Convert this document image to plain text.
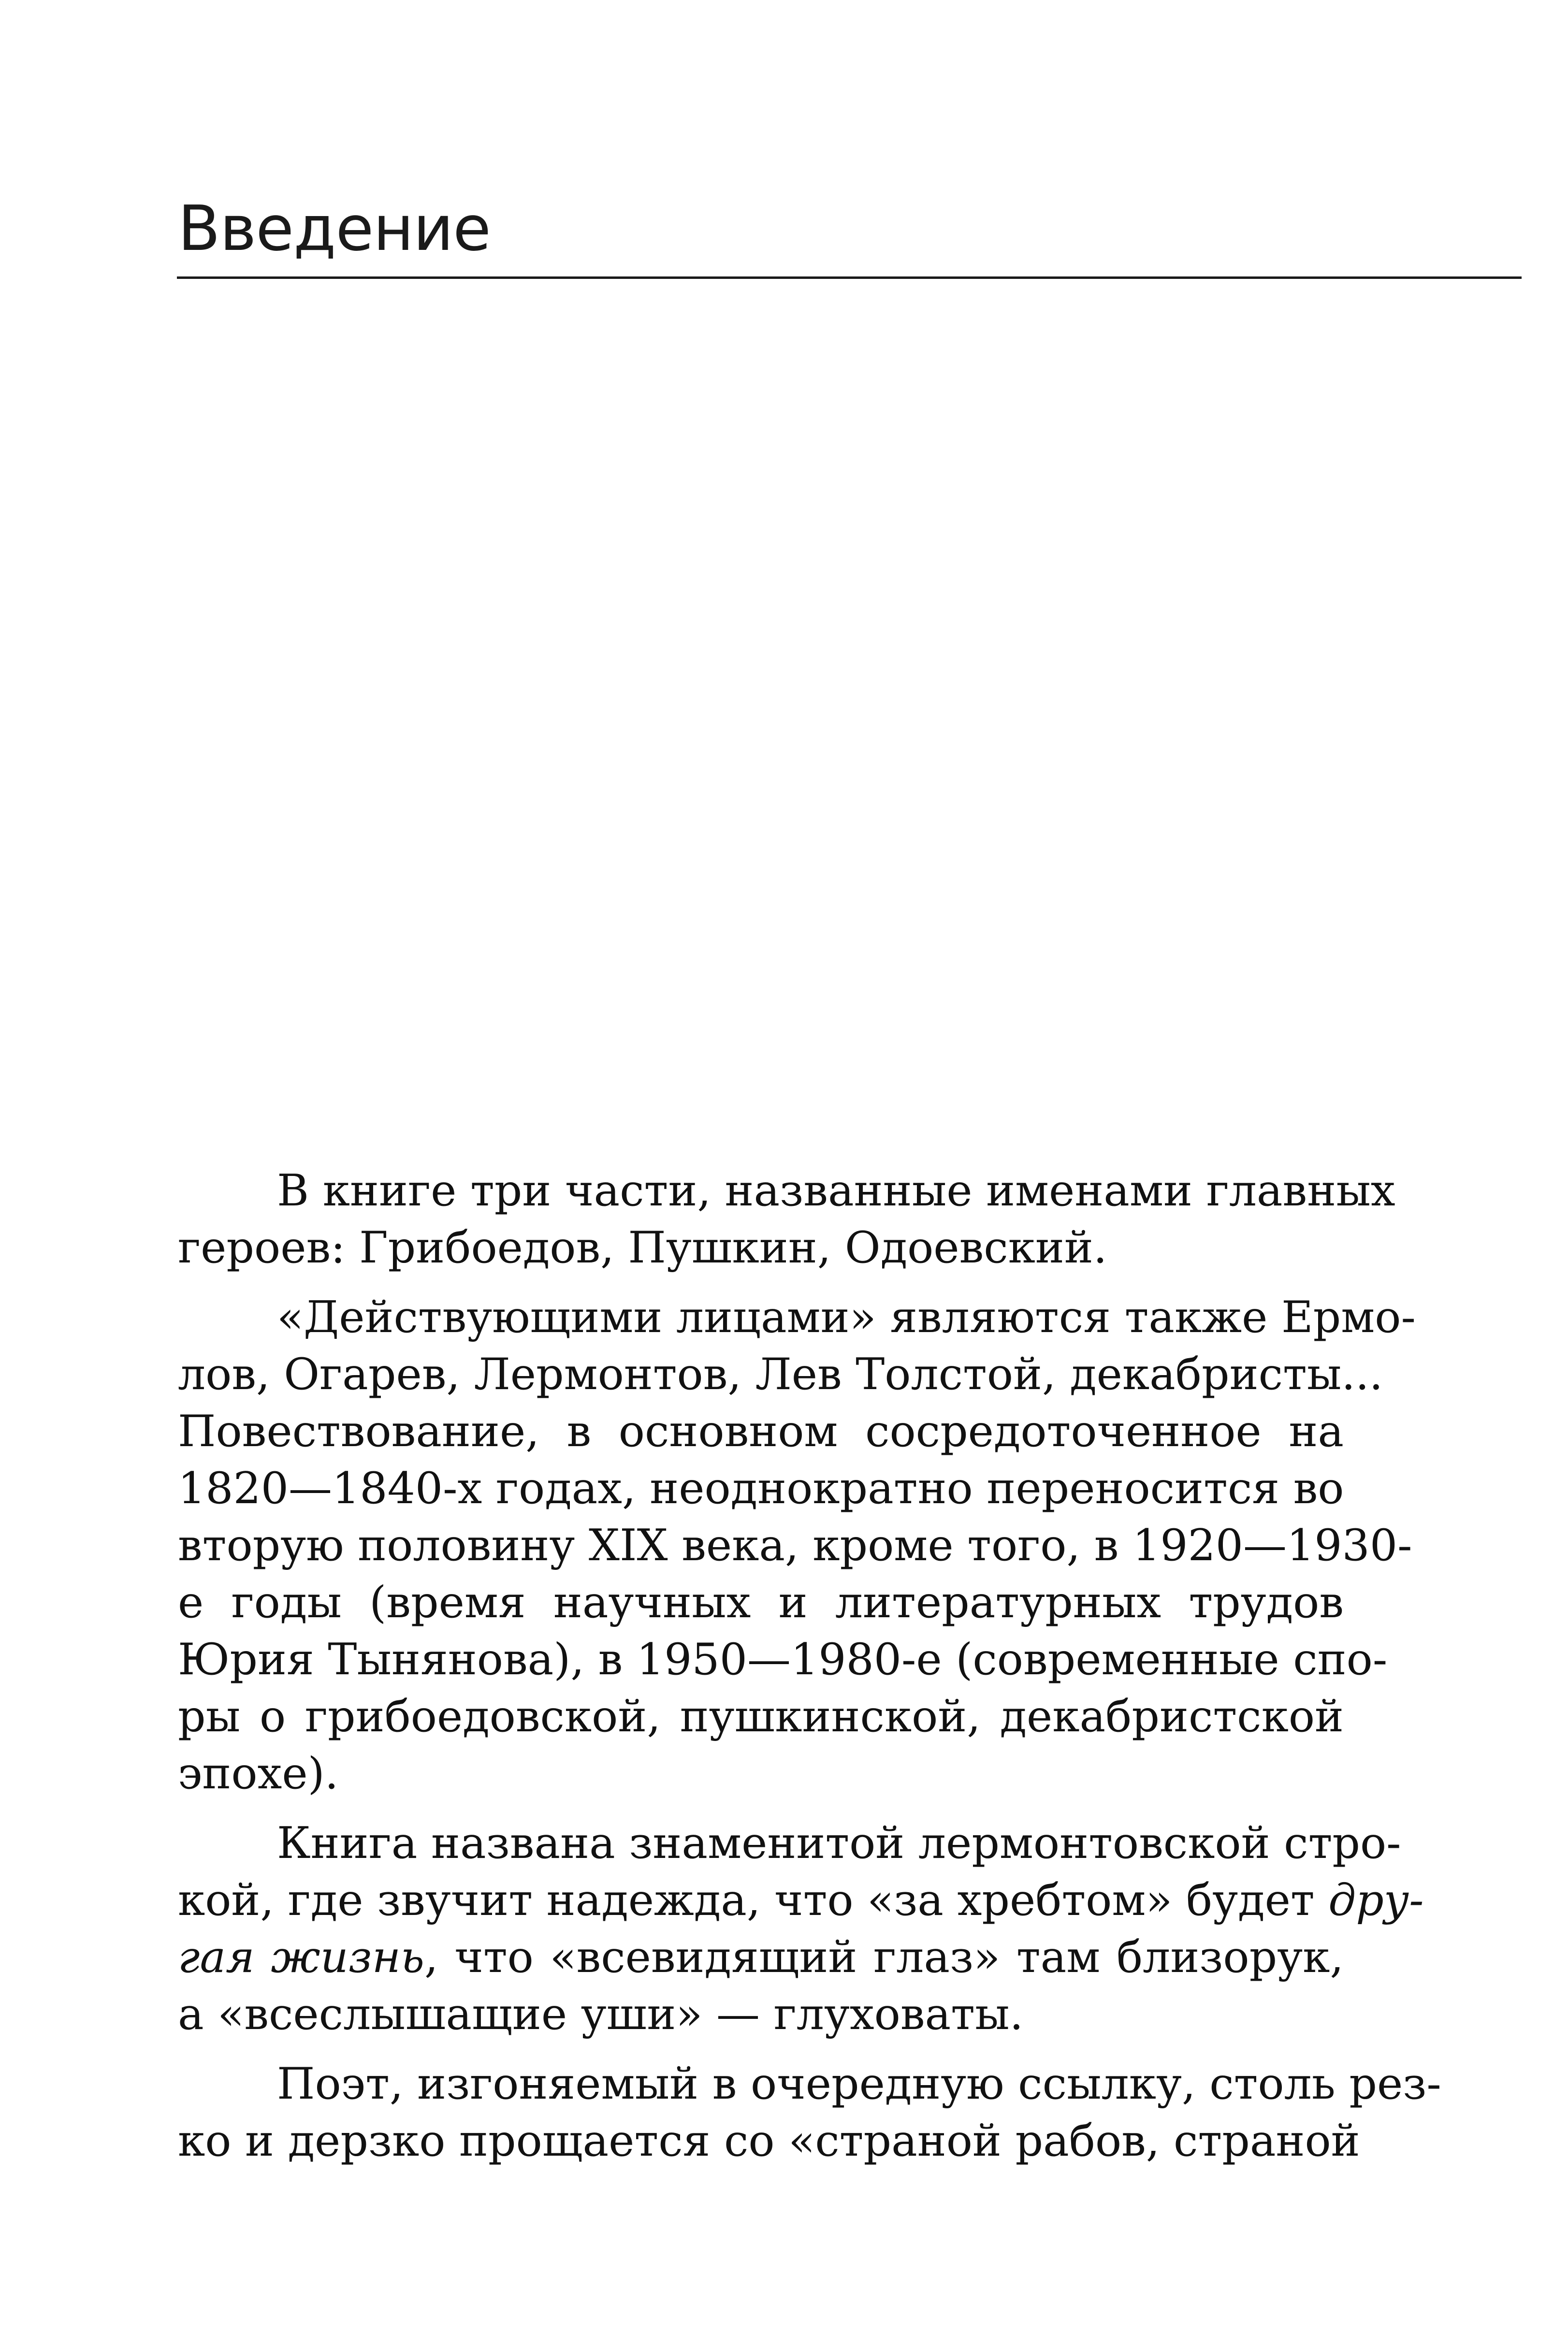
Введение

В книге три части, названные именами главных
героев: Грибоедов, Пушкин, Одоевский.

«Действующими лицами» являются также Ермо-
лов, Огарев, Лермонтов, Лев Толстой, декабристы...
Повествование, в основном сосредоточенное на
1820—1840-х годах, неоднократно переносится во
вторую половину XIX века, кроме того, в 1920—1930-
е годы (время научных и литературных трудов
Юрия Тынянова), в 1950—1980-е (современные спо-
ры о грибоедовской, пушкинской, декабристской
эпохе).

Книга названа знаменитой лермонтовской стро-
кой, где звучит надежда, что «за хребтом» будет дру-
гая жизнь, что «всевидящий глаз» там близорук,
а «всеслышащие уши» — глуховаты.

Поэт, изгоняемый в очередную ссылку, столь рез-
ко и дерзко прощается со «страной рабов, страной
